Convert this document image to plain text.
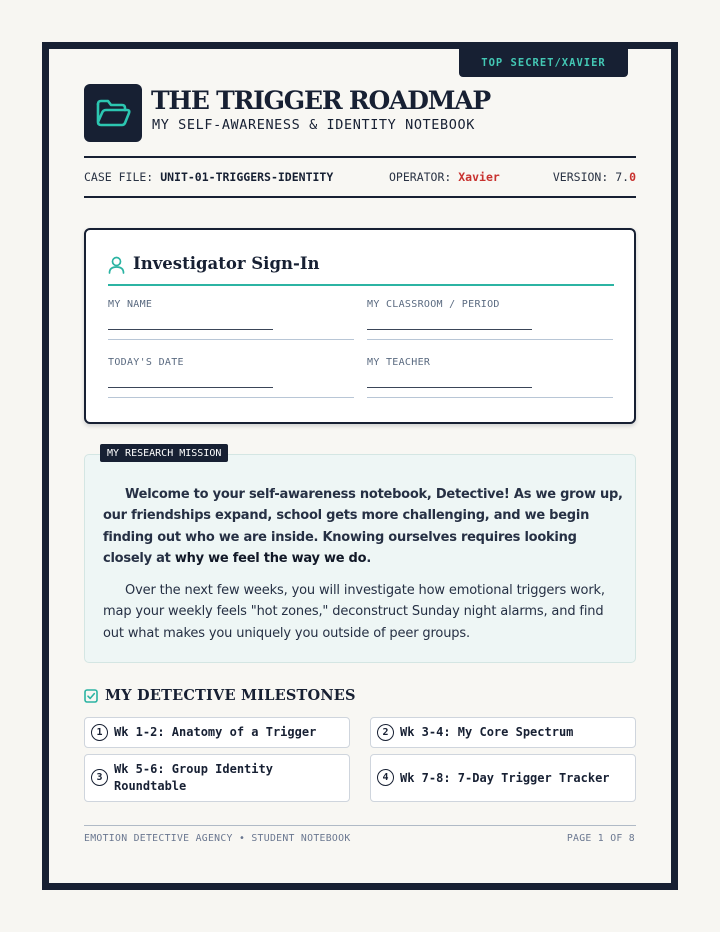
TOP SECRET/XAVIER
THE TRIGGER ROADMAP
MY SELF-AWARENESS & IDENTITY NOTEBOOK
CASE FILE: UNIT-01-TRIGGERS-IDENTITY	OPERATOR: Xavier	VERSION: 7.0
Investigator Sign-In
MY NAME	MY CLASSROOM / PERIOD
TODAY'S DATE	MY TEACHER

Welcome to your self-awareness notebook, Detective! As we grow up, our friendships expand, school gets more challenging, and we begin finding out who we are inside. Knowing ourselves requires looking closely at why we feel the way we do.

Over the next few weeks, you will investigate how emotional triggers work, map your weekly feels "hot zones," deconstruct Sunday night alarms, and find out what makes you uniquely you outside of peer groups.

MY RESEARCH MISSION
MY DETECTIVE MILESTONES
1 Wk 1-2: Anatomy of a Trigger	2 Wk 3-4: My Core Spectrum
3
Wk 5-6: Group Identity
Roundtable
4 Wk 7-8: 7-Day Trigger Tracker
EMOTION DETECTIVE AGENCY • STUDENT NOTEBOOK	PAGE 1 OF 8
